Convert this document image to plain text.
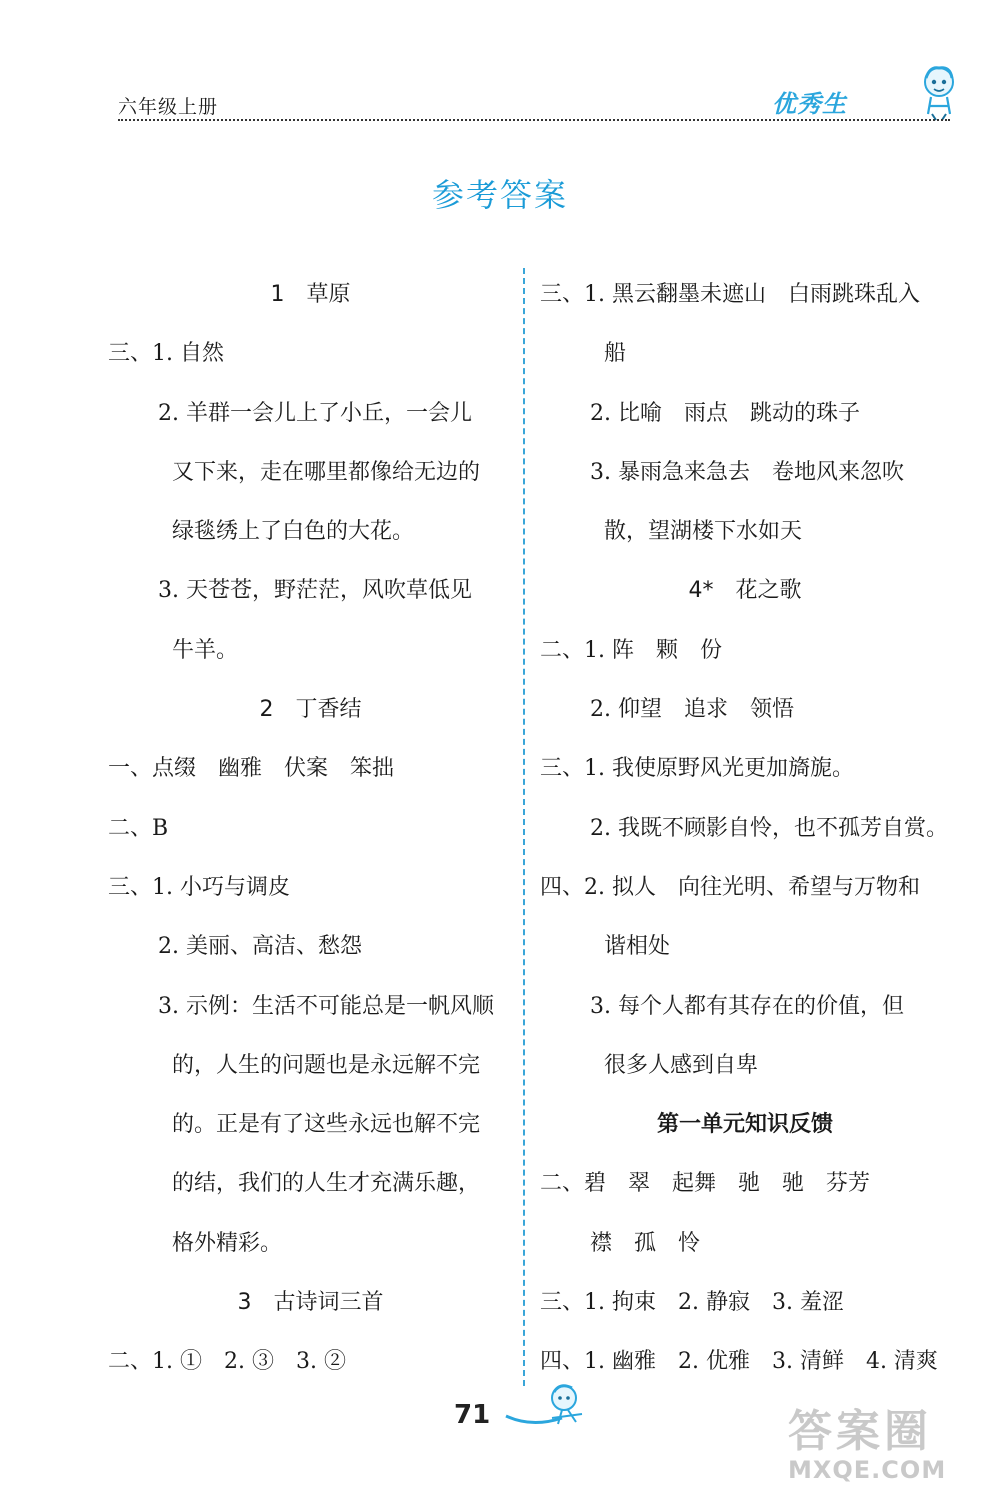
六年级上册	优秀生
参考答案
1　草原
三、1. 自然
2. 羊群一会儿上了小丘，一会儿
又下来，走在哪里都像给无边的
绿毯绣上了白色的大花。
3. 天苍苍，野茫茫，风吹草低见
牛羊。
2　丁香结
一、点缀　幽雅　伏案　笨拙
二、B
三、1. 小巧与调皮
2. 美丽、高洁、愁怨
3. 示例：生活不可能总是一帆风顺
的，人生的问题也是永远解不完
的。正是有了这些永远也解不完
的结，我们的人生才充满乐趣，
格外精彩。
3　古诗词三首
二、1. ①　2. ③　3. ②
三、1. 黑云翻墨未遮山　白雨跳珠乱入
船
2. 比喻　雨点　跳动的珠子
3. 暴雨急来急去　卷地风来忽吹
散，望湖楼下水如天
4*　花之歌
二、1. 阵　颗　份
2. 仰望　追求　领悟
三、1. 我使原野风光更加旖旎。
2. 我既不顾影自怜，也不孤芳自赏。
四、2. 拟人　向往光明、希望与万物和
谐相处
3. 每个人都有其存在的价值，但
很多人感到自卑
第一单元知识反馈
二、碧　翠　起舞　驰　驰　芬芳
襟　孤　怜
三、1. 拘束　2. 静寂　3. 羞涩
四、1. 幽雅　2. 优雅　3. 清鲜　4. 清爽
71	答案圈
MXQE.COM
